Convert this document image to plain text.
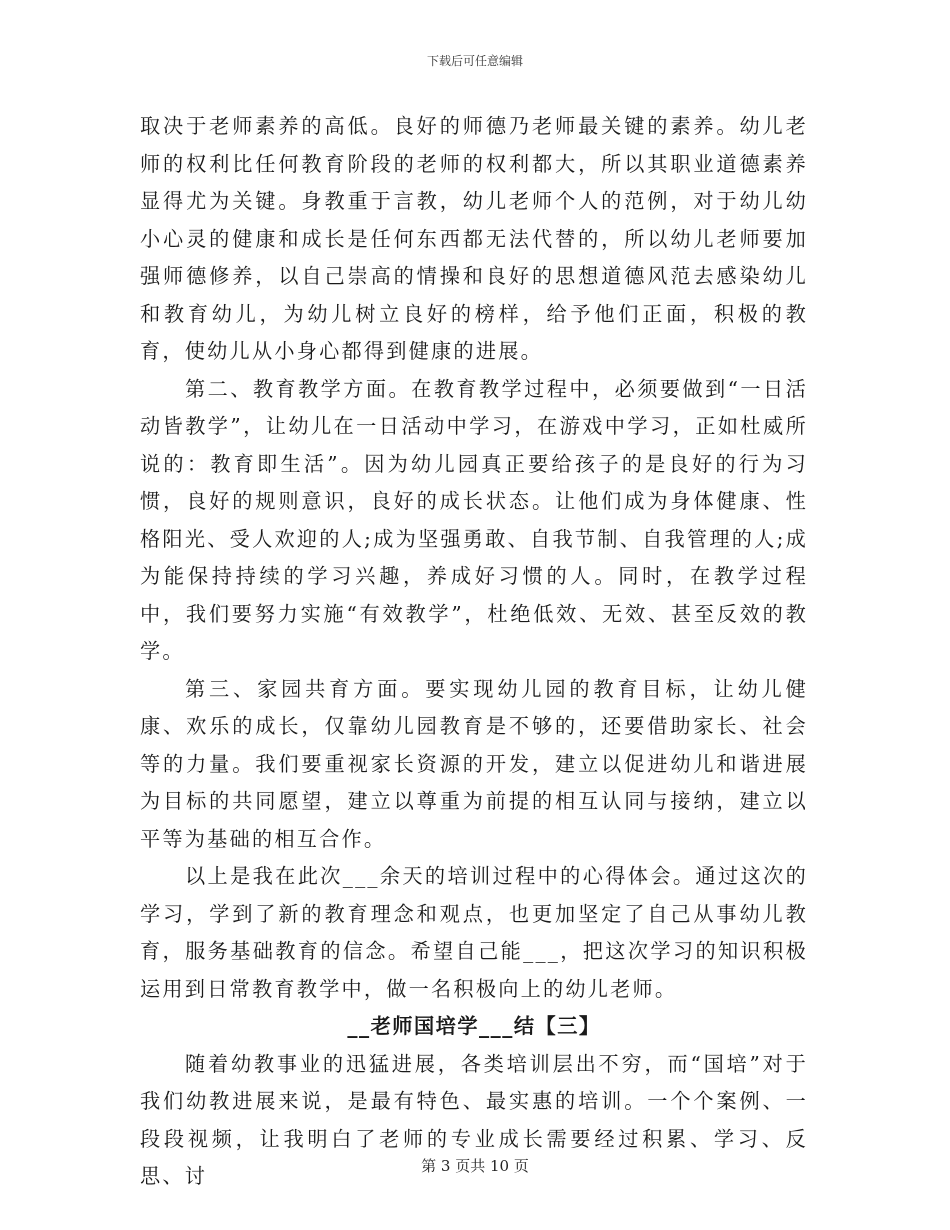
下载后可任意编辑

取决于老师素养的高低。良好的师德乃老师最关键的素养。幼儿老师的权利比任何教育阶段的老师的权利都大，所以其职业道德素养显得尤为关键。身教重于言教，幼儿老师个人的范例，对于幼儿幼小心灵的健康和成长是任何东西都无法代替的，所以幼儿老师要加强师德修养，以自己崇高的情操和良好的思想道德风范去感染幼儿和教育幼儿，为幼儿树立良好的榜样，给予他们正面，积极的教育，使幼儿从小身心都得到健康的进展。

第二、教育教学方面。在教育教学过程中，必须要做到“一日活动皆教学”，让幼儿在一日活动中学习，在游戏中学习，正如杜威所说的：教育即生活”。因为幼儿园真正要给孩子的是良好的行为习惯，良好的规则意识，良好的成长状态。让他们成为身体健康、性格阳光、受人欢迎的人;成为坚强勇敢、自我节制、自我管理的人;成为能保持持续的学习兴趣，养成好习惯的人。同时，在教学过程中，我们要努力实施“有效教学”，杜绝低效、无效、甚至反效的教学。

第三、家园共育方面。要实现幼儿园的教育目标，让幼儿健康、欢乐的成长，仅靠幼儿园教育是不够的，还要借助家长、社会等的力量。我们要重视家长资源的开发，建立以促进幼儿和谐进展为目标的共同愿望，建立以尊重为前提的相互认同与接纳，建立以平等为基础的相互合作。

以上是我在此次___余天的培训过程中的心得体会。通过这次的学习，学到了新的教育理念和观点，也更加坚定了自己从事幼儿教育，服务基础教育的信念。希望自己能___，把这次学习的知识积极运用到日常教育教学中，做一名积极向上的幼儿老师。

__老师国培学___结【三】

随着幼教事业的迅猛进展，各类培训层出不穷，而“国培”对于我们幼教进展来说，是最有特色、最实惠的培训。一个个案例、一段段视频，让我明白了老师的专业成长需要经过积累、学习、反思、讨	第 3 页共 10 页
